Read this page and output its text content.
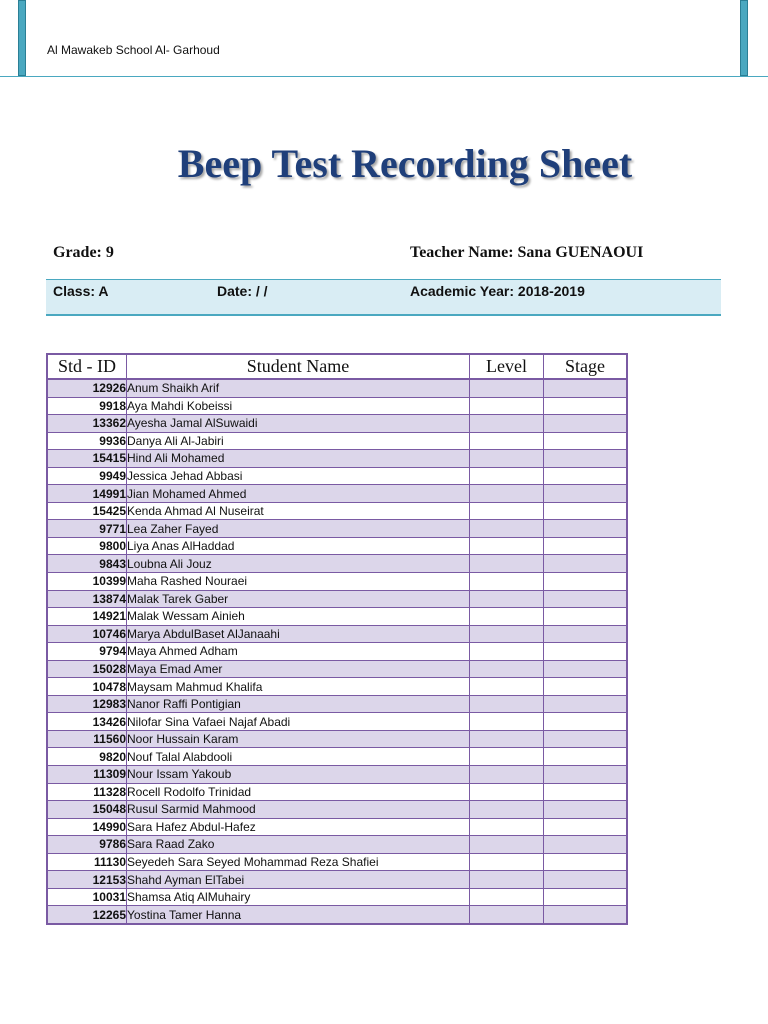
Al Mawakeb School Al- Garhoud
Beep Test Recording Sheet
Grade: 9	Teacher Name: Sana GUENAOUI
Class: A	Date: / /	Academic Year: 2018-2019
Std - ID	Student Name	Level	Stage
12926	Anum Shaikh Arif		
9918	Aya Mahdi Kobeissi		
13362	Ayesha Jamal AlSuwaidi		
9936	Danya Ali Al-Jabiri		
15415	Hind Ali Mohamed		
9949	Jessica Jehad Abbasi		
14991	Jian Mohamed Ahmed		
15425	Kenda Ahmad Al Nuseirat		
9771	Lea Zaher Fayed		
9800	Liya Anas AlHaddad		
9843	Loubna Ali Jouz		
10399	Maha Rashed Nouraei		
13874	Malak Tarek Gaber		
14921	Malak Wessam Ainieh		
10746	Marya AbdulBaset AlJanaahi		
9794	Maya Ahmed Adham		
15028	Maya Emad Amer		
10478	Maysam Mahmud Khalifa		
12983	Nanor Raffi Pontigian		
13426	Nilofar Sina Vafaei Najaf Abadi		
11560	Noor Hussain Karam		
9820	Nouf Talal Alabdooli		
11309	Nour Issam Yakoub		
11328	Rocell Rodolfo Trinidad		
15048	Rusul Sarmid Mahmood		
14990	Sara Hafez Abdul-Hafez		
9786	Sara Raad Zako		
11130	Seyedeh Sara Seyed Mohammad Reza Shafiei		
12153	Shahd Ayman ElTabei		
10031	Shamsa Atiq AlMuhairy		
12265	Yostina Tamer Hanna		
